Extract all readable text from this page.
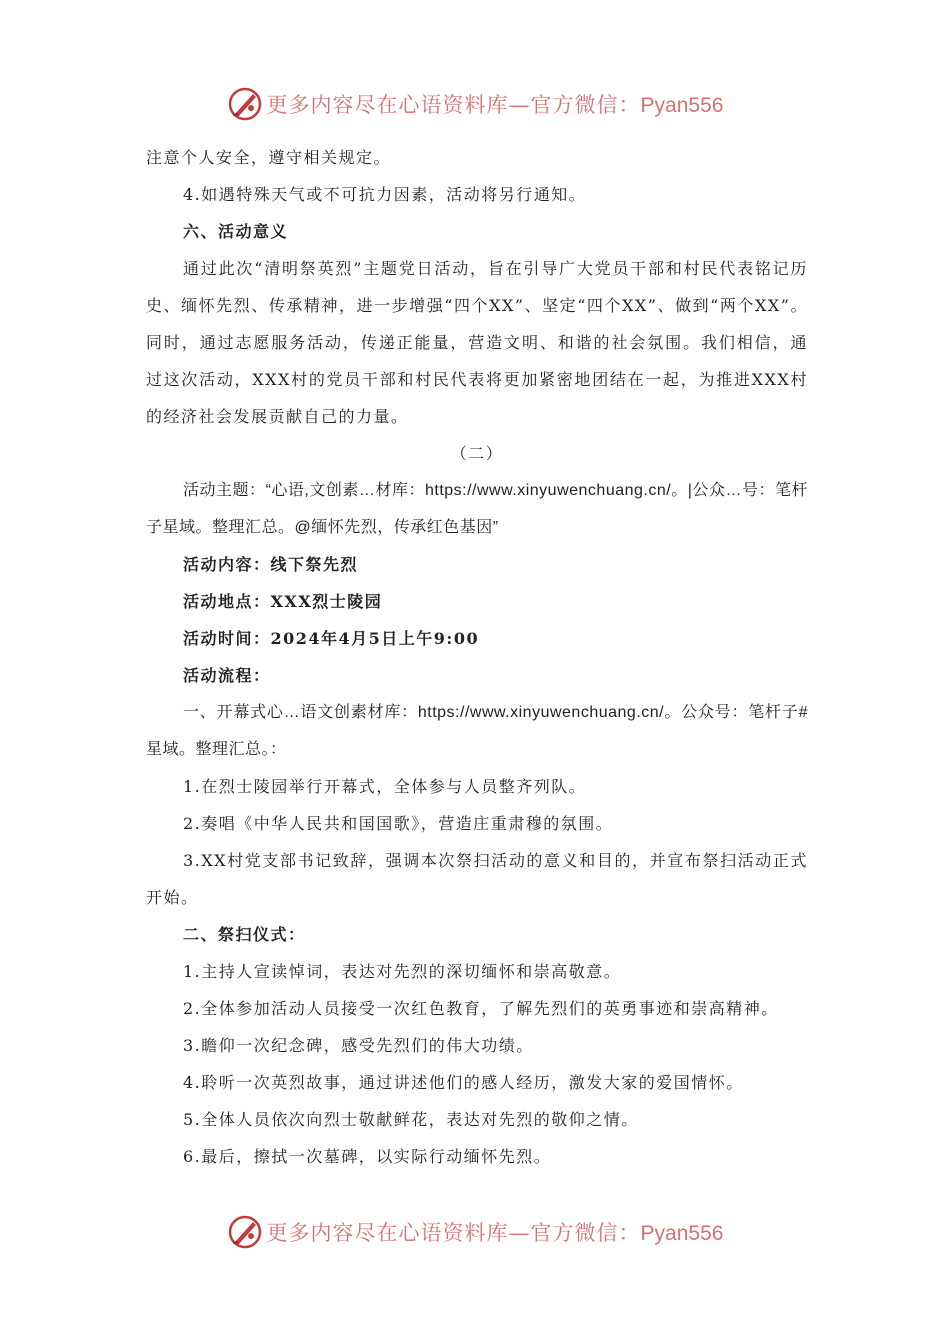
更多内容尽在心语资料库—官方微信：Pyan556

注意个人安全，遵守相关规定。

4.如遇特殊天气或不可抗力因素，活动将另行通知。

六、活动意义

通过此次“清明祭英烈”主题党日活动，旨在引导广大党员干部和村民代表铭记历史、缅怀先烈、传承精神，进一步增强“四个XX”、坚定“四个XX”、做到“两个XX”。同时，通过志愿服务活动，传递正能量，营造文明、和谐的社会氛围。我们相信，通过这次活动，XXX村的党员干部和村民代表将更加紧密地团结在一起，为推进XXX村的经济社会发展贡献自己的力量。

（二）

活动主题：“心语,文创素…材库：https://www.xinyuwenchuang.cn/。|公众…号：笔杆子星域。整理汇总。@缅怀先烈，传承红色基因”

活动内容：线下祭先烈

活动地点：XXX烈士陵园

活动时间：2024年4月5日上午9:00

活动流程：

一、开幕式心…语文创素材库：https://www.xinyuwenchuang.cn/。公众号：笔杆子#星域。整理汇总。：

1.在烈士陵园举行开幕式，全体参与人员整齐列队。

2.奏唱《中华人民共和国国歌》，营造庄重肃穆的氛围。

3.XX村党支部书记致辞，强调本次祭扫活动的意义和目的，并宣布祭扫活动正式开始。

二、祭扫仪式：

1.主持人宣读悼词，表达对先烈的深切缅怀和崇高敬意。

2.全体参加活动人员接受一次红色教育，了解先烈们的英勇事迹和崇高精神。

3.瞻仰一次纪念碑，感受先烈们的伟大功绩。

4.聆听一次英烈故事，通过讲述他们的感人经历，激发大家的爱国情怀。

5.全体人员依次向烈士敬献鲜花，表达对先烈的敬仰之情。

6.最后，擦拭一次墓碑，以实际行动缅怀先烈。

更多内容尽在心语资料库—官方微信：Pyan556
